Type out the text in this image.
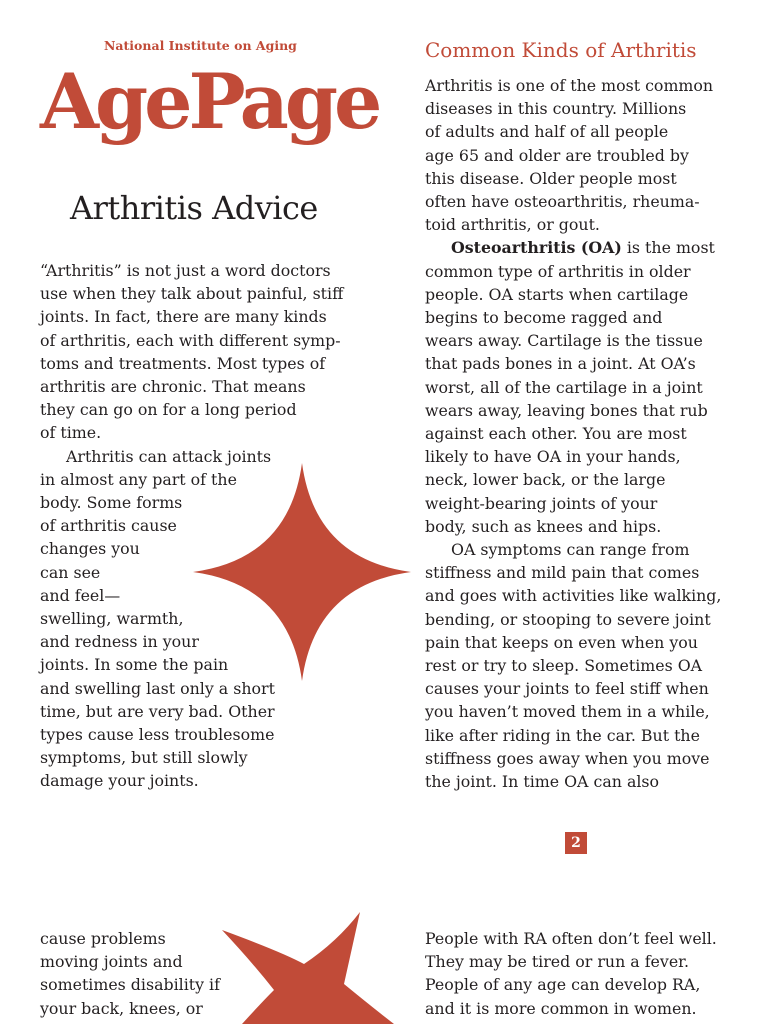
National Institute on Aging
AgePage
Arthritis Advice
“Arthritis” is not just a word doctors
use when they talk about painful, stiff
joints. In fact, there are many kinds
of arthritis, each with different symp-
toms and treatments. Most types of
arthritis are chronic. That means
they can go on for a long period
of time.
Arthritis can attack joints
in almost any part of the
body. Some forms
of arthritis cause
changes you
can see
and feel—
swelling, warmth,
and redness in your
joints. In some the pain
and swelling last only a short
time, but are very bad. Other
types cause less troublesome
symptoms, but still slowly
damage your joints.
Common Kinds of Arthritis
Arthritis is one of the most common
diseases in this country. Millions
of adults and half of all people
age 65 and older are troubled by
this disease. Older people most
often have osteoarthritis, rheuma-
toid arthritis, or gout.
Osteoarthritis (OA) is the most
common type of arthritis in older
people. OA starts when cartilage
begins to become ragged and
wears away. Cartilage is the tissue
that pads bones in a joint. At OA’s
worst, all of the cartilage in a joint
wears away, leaving bones that rub
against each other. You are most
likely to have OA in your hands,
neck, lower back, or the large
weight-bearing joints of your
body, such as knees and hips.
OA symptoms can range from
stiffness and mild pain that comes
and goes with activities like walking,
bending, or stooping to severe joint
pain that keeps on even when you
rest or try to sleep. Sometimes OA
causes your joints to feel stiff when
you haven’t moved them in a while,
like after riding in the car. But the
stiffness goes away when you move
the joint. In time OA can also
2
cause problems
moving joints and
sometimes disability if
your back, knees, or
People with RA often don’t feel well.
They may be tired or run a fever.
People of any age can develop RA,
and it is more common in women.
